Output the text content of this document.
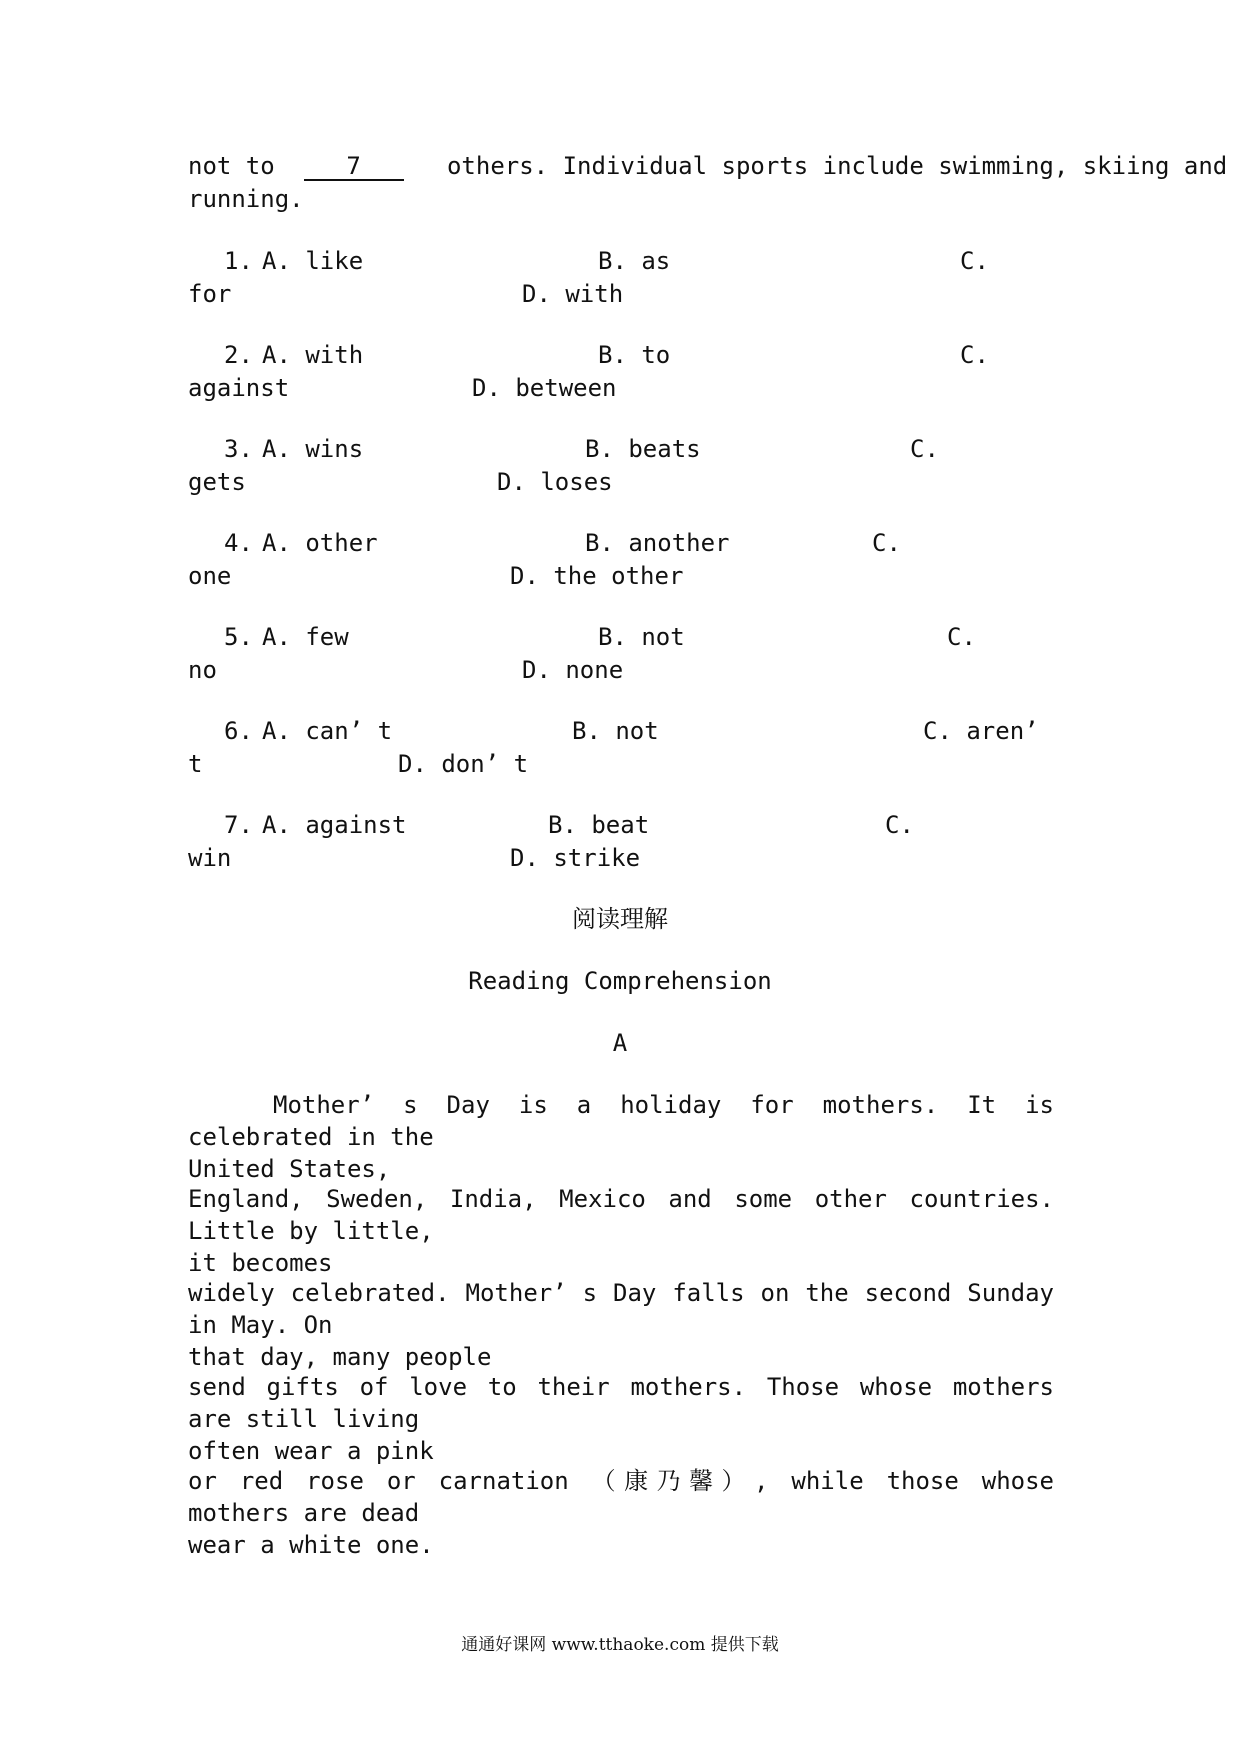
not to	7	others. Individual sports include swimming, skiing and
running.
1. A. like	B. as	C.
for	D. with
2. A. with	B. to	C.
against	D. between
3. A. wins	B. beats	C.
gets	D. loses
4. A. other	B. another	C.
one	D. the other
5. A. few	B. not	C.
no	D. none
6. A. can’ t	B. not	C. aren’
t	D. don’ t
7. A. against	B. beat	C.
win	D. strike
阅读理解
Reading Comprehension
A
Mother’ s Day is a holiday for mothers. It is celebrated in the
United States,
England, Sweden, India, Mexico and some other countries. Little by little,
it becomes
widely celebrated. Mother’ s Day falls on the second Sunday in May. On
that day, many people
send gifts of love to their mothers. Those whose mothers are still living
often wear a pink
or red rose or carnation （康乃馨）, while those whose mothers are dead
wear a white one.
通通好课网 www.tthaoke.com 提供下载
